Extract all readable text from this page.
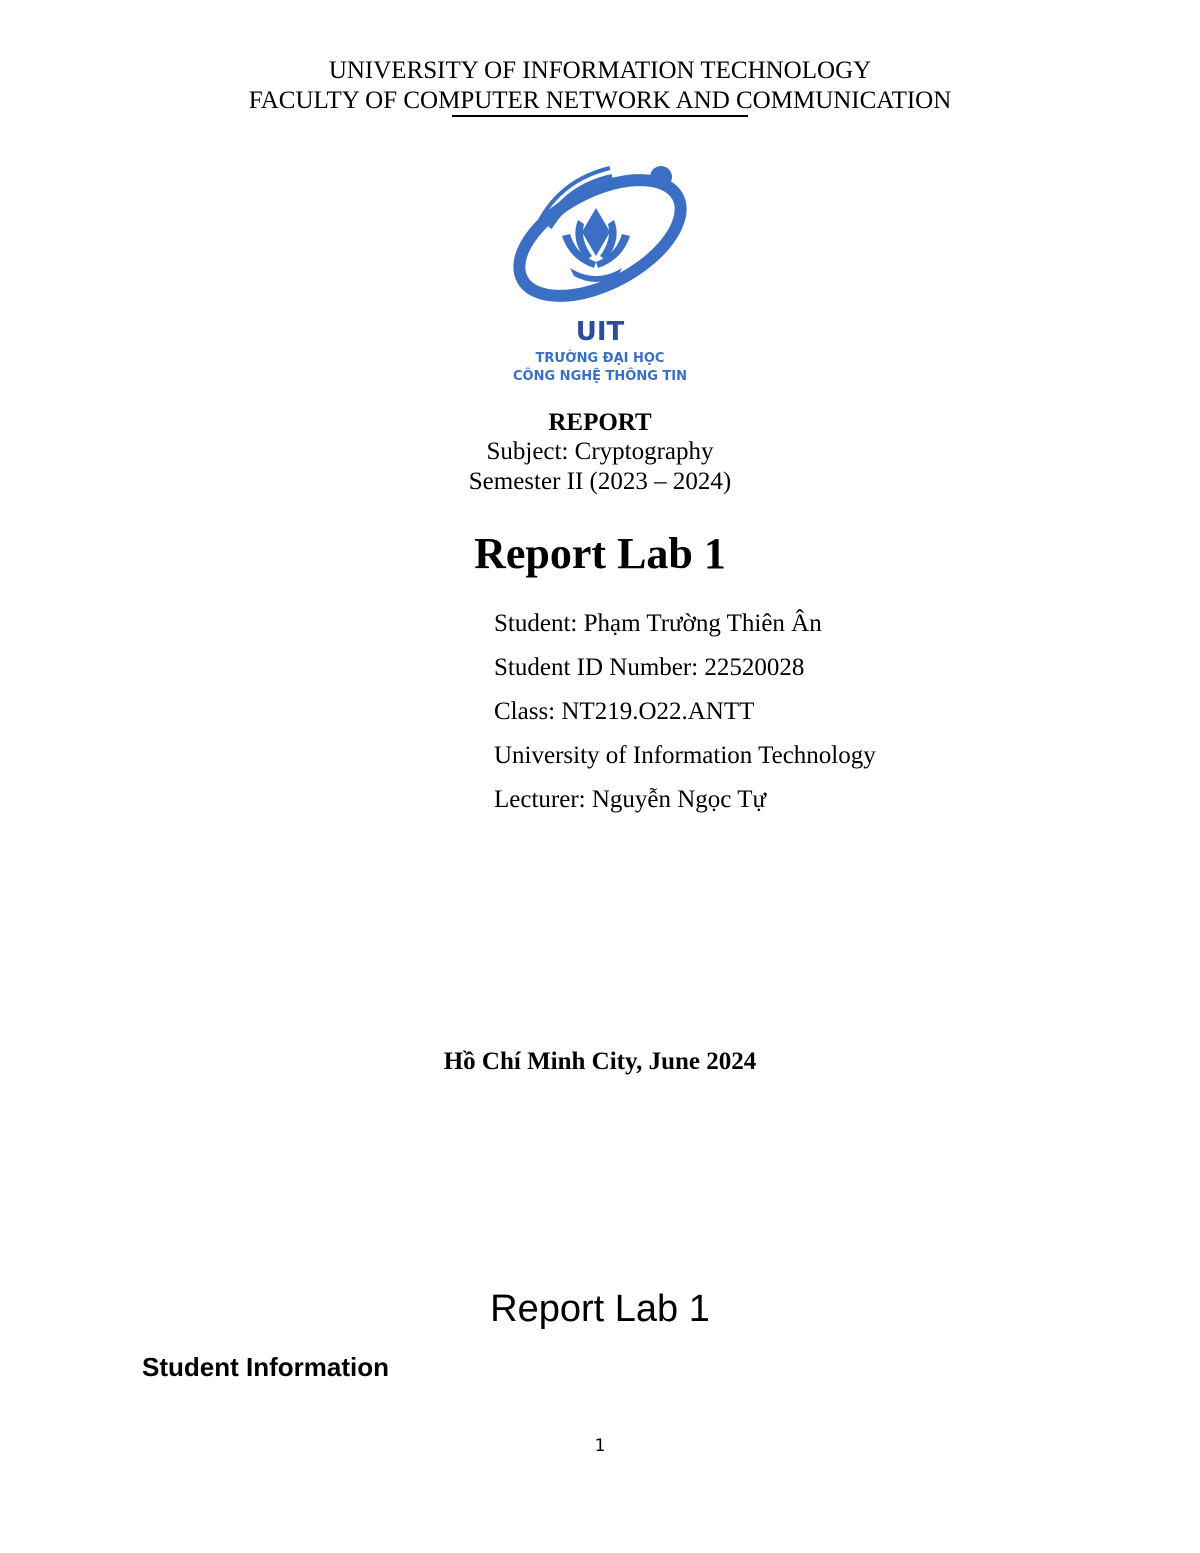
UNIVERSITY OF INFORMATION TECHNOLOGY
FACULTY OF COMPUTER NETWORK AND COMMUNICATION
UIT
TRƯỜNG ĐẠI HỌC
CÔNG NGHỆ THÔNG TIN
REPORT
Subject: Cryptography
Semester II (2023 – 2024)
Report Lab 1
Student: Phạm Trường Thiên Ân
Student ID Number: 22520028
Class: NT219.O22.ANTT
University of Information Technology
Lecturer: Nguyễn Ngọc Tự
Hồ Chí Minh City, June 2024
Report Lab 1
Student Information
1
